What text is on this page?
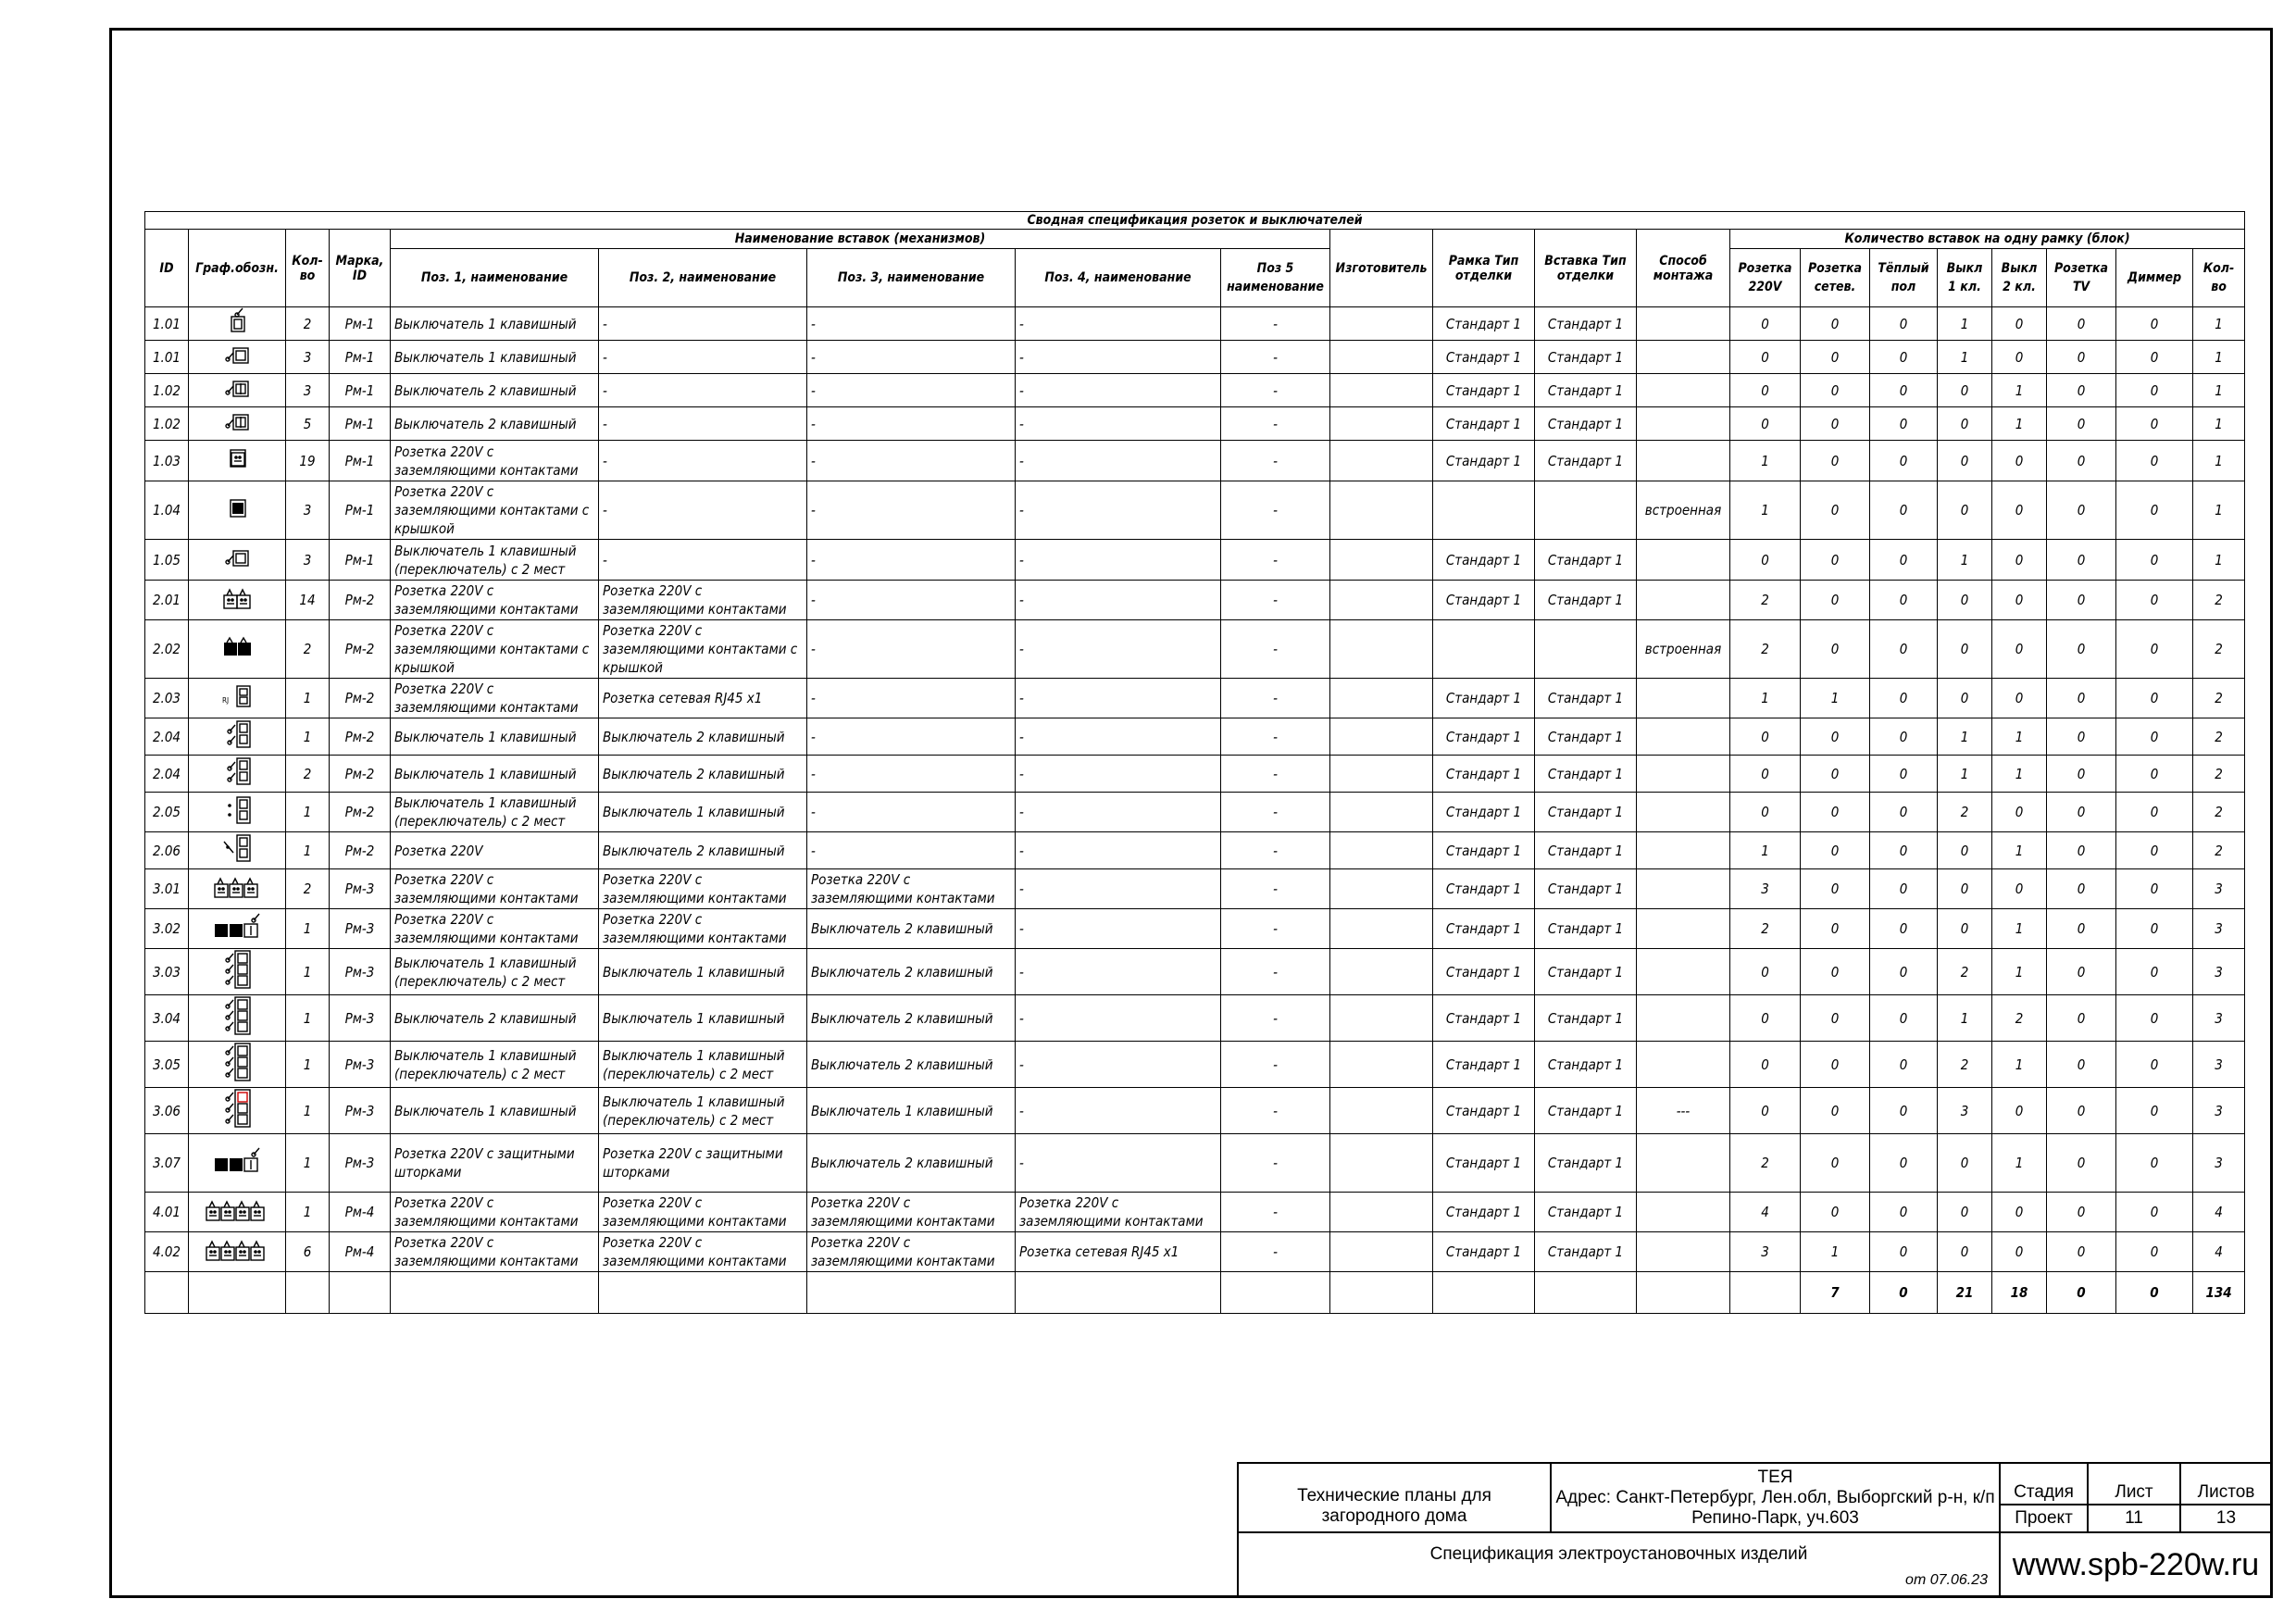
Сводная спецификация розеток и выключателей																				
ID	Граф.обозн.	Кол-во	Марка, ID	Наименование вставок (механизмов)					Изготовитель	Рамка Тип отделки	Вставка Тип отделки	Способ монтажа	Количество вставок на одну рамку (блок)							
				Поз. 1, наименование	Поз. 2, наименование	Поз. 3, наименование	Поз. 4, наименование	Поз 5 наименование					Розетка 220V	Розетка сетев.	Тёплый пол	Выкл 1 кл.	Выкл 2 кл.	Розетка TV	Диммер	Кол-во
1.01		2	Рм-1	Выключатель 1 клавишный	-	-	-	-		Стандарт 1	Стандарт 1		0	0	0	1	0	0	0	1
1.01		3	Рм-1	Выключатель 1 клавишный	-	-	-	-		Стандарт 1	Стандарт 1		0	0	0	1	0	0	0	1
1.02		3	Рм-1	Выключатель 2 клавишный	-	-	-	-		Стандарт 1	Стандарт 1		0	0	0	0	1	0	0	1
1.02		5	Рм-1	Выключатель 2 клавишный	-	-	-	-		Стандарт 1	Стандарт 1		0	0	0	0	1	0	0	1
1.03		19	Рм-1	Розетка 220V с заземляющими контактами	-	-	-	-		Стандарт 1	Стандарт 1		1	0	0	0	0	0	0	1
1.04		3	Рм-1	Розетка 220V с заземляющими контактами с крышкой	-	-	-	-				встроенная	1	0	0	0	0	0	0	1
1.05		3	Рм-1	Выключатель 1 клавишный (переключатель) с 2 мест	-	-	-	-		Стандарт 1	Стандарт 1		0	0	0	1	0	0	0	1
2.01		14	Рм-2	Розетка 220V с заземляющими контактами	Розетка 220V с заземляющими контактами	-	-	-		Стандарт 1	Стандарт 1		2	0	0	0	0	0	0	2
2.02		2	Рм-2	Розетка 220V с заземляющими контактами с крышкой	Розетка 220V с заземляющими контактами с крышкой	-	-	-				встроенная	2	0	0	0	0	0	0	2
2.03	RJ	1	Рм-2	Розетка 220V с заземляющими контактами	Розетка сетевая RJ45 x1	-	-	-		Стандарт 1	Стандарт 1		1	1	0	0	0	0	0	2
2.04		1	Рм-2	Выключатель 1 клавишный	Выключатель 2 клавишный	-	-	-		Стандарт 1	Стандарт 1		0	0	0	1	1	0	0	2
2.04		2	Рм-2	Выключатель 1 клавишный	Выключатель 2 клавишный	-	-	-		Стандарт 1	Стандарт 1		0	0	0	1	1	0	0	2
2.05		1	Рм-2	Выключатель 1 клавишный (переключатель) с 2 мест	Выключатель 1 клавишный	-	-	-		Стандарт 1	Стандарт 1		0	0	0	2	0	0	0	2
2.06		1	Рм-2	Розетка 220V	Выключатель 2 клавишный	-	-	-		Стандарт 1	Стандарт 1		1	0	0	0	1	0	0	2
3.01		2	Рм-3	Розетка 220V с заземляющими контактами	Розетка 220V с заземляющими контактами	Розетка 220V с заземляющими контактами	-	-		Стандарт 1	Стандарт 1		3	0	0	0	0	0	0	3
3.02		1	Рм-3	Розетка 220V с заземляющими контактами	Розетка 220V с заземляющими контактами	Выключатель 2 клавишный	-	-		Стандарт 1	Стандарт 1		2	0	0	0	1	0	0	3
3.03		1	Рм-3	Выключатель 1 клавишный (переключатель) с 2 мест	Выключатель 1 клавишный	Выключатель 2 клавишный	-	-		Стандарт 1	Стандарт 1		0	0	0	2	1	0	0	3
3.04		1	Рм-3	Выключатель 2 клавишный	Выключатель 1 клавишный	Выключатель 2 клавишный	-	-		Стандарт 1	Стандарт 1		0	0	0	1	2	0	0	3
3.05		1	Рм-3	Выключатель 1 клавишный (переключатель) с 2 мест	Выключатель 1 клавишный (переключатель) с 2 мест	Выключатель 2 клавишный	-	-		Стандарт 1	Стандарт 1		0	0	0	2	1	0	0	3
3.06		1	Рм-3	Выключатель 1 клавишный	Выключатель 1 клавишный (переключатель) с 2 мест	Выключатель 1 клавишный	-	-		Стандарт 1	Стандарт 1	---	0	0	0	3	0	0	0	3
3.07		1	Рм-3	Розетка 220V с защитными шторками	Розетка 220V с защитными шторками	Выключатель 2 клавишный	-	-		Стандарт 1	Стандарт 1		2	0	0	0	1	0	0	3
4.01		1	Рм-4	Розетка 220V с заземляющими контактами	Розетка 220V с заземляющими контактами	Розетка 220V с заземляющими контактами	Розетка 220V с заземляющими контактами	-		Стандарт 1	Стандарт 1		4	0	0	0	0	0	0	4
4.02		6	Рм-4	Розетка 220V с заземляющими контактами	Розетка 220V с заземляющими контактами	Розетка 220V с заземляющими контактами	Розетка сетевая RJ45 x1	-		Стандарт 1	Стандарт 1		3	1	0	0	0	0	0	4
														7	0	21	18	0	0	134
Технические планы для загородного дома
ТЕЯ
Адрес: Санкт-Петербург, Лен.обл, Выборгский р-н, к/п Репино-Парк, уч.603
Стадия	Лист	Листов
Проект	11	13
Спецификация электроустановочных изделий
от 07.06.23 www.spb-220w.ru
